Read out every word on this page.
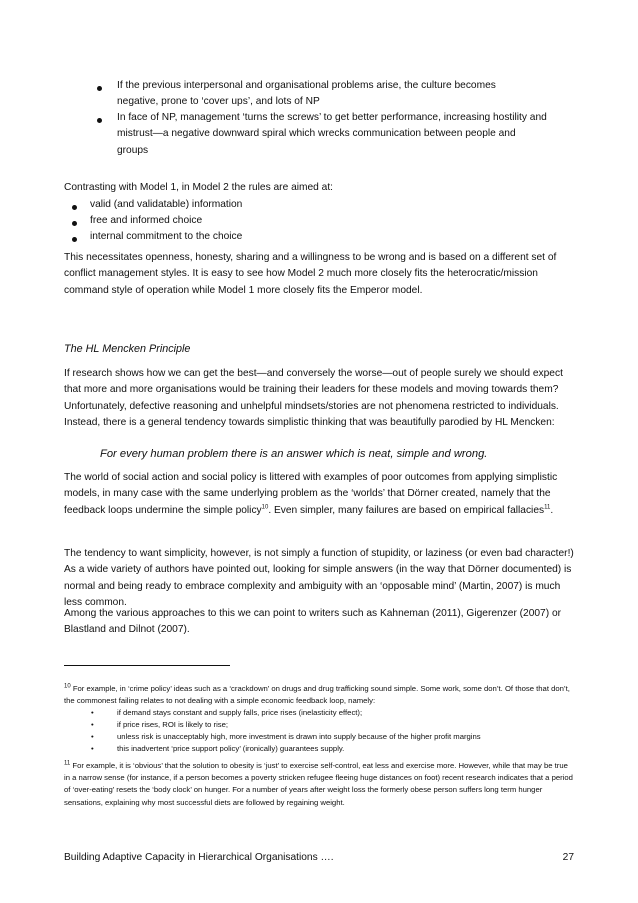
If the previous interpersonal and organisational problems arise, the culture becomes negative, prone to ‘cover ups’, and lots of NP
In face of NP, management ‘turns the screws’ to get better performance, increasing hostility and mistrust—a negative downward spiral which wrecks communication between people and groups
Contrasting with Model 1, in Model 2 the rules are aimed at:
valid (and validatable) information
free and informed choice
internal commitment to the choice
This necessitates openness, honesty, sharing and a willingness to be wrong and is based on a different set of conflict management styles. It is easy to see how Model 2 much more closely fits the heterocratic/mission command style of operation while Model 1 more closely fits the Emperor model.
The HL Mencken Principle
If research shows how we can get the best—and conversely the worse—out of people surely we should expect that more and more organisations would be training their leaders for these models and moving towards them? Unfortunately, defective reasoning and unhelpful mindsets/stories are not phenomena restricted to individuals. Instead, there is a general tendency towards simplistic thinking that was beautifully parodied by HL Mencken:
For every human problem there is an answer which is neat, simple and wrong.
The world of social action and social policy is littered with examples of poor outcomes from applying simplistic models, in many case with the same underlying problem as the ‘worlds’ that Dörner created, namely that the feedback loops undermine the simple policy$^{10}$. Even simpler, many failures are based on empirical fallacies$^{11}$.
The tendency to want simplicity, however, is not simply a function of stupidity, or laziness (or even bad character!) As a wide variety of authors have pointed out, looking for simple answers (in the way that Dörner documented) is normal and being ready to embrace complexity and ambiguity with an ‘opposable mind’ (Martin, 2007) is much less common.
Among the various approaches to this we can point to writers such as Kahneman (2011), Gigerenzer (2007) or Blastland and Dilnot (2007).
$^{10}$ For example, in ‘crime policy’ ideas such as a ‘crackdown’ on drugs and drug trafficking sound simple. Some work, some don’t. Of those that don’t, the commonest failing relates to not dealing with a simple economic feedback loop, namely:
•	if demand stays constant and supply falls, price rises (inelasticity effect);
•	if price rises, ROI is likely to rise;
•	unless risk is unacceptably high, more investment is drawn into supply because of the higher profit margins
•	this inadvertent ‘price support policy’ (ironically) guarantees supply.
$^{11}$ For example, it is ‘obvious’ that the solution to obesity is ‘just’ to exercise self-control, eat less and exercise more. However, while that may be true in a narrow sense (for instance, if a person becomes a poverty stricken refugee fleeing huge distances on foot) recent research indicates that a period of ‘over-eating’ resets the ‘body clock’ on hunger. For a number of years after weight loss the formerly obese person suffers long term hunger sensations, explaining why most successful diets are followed by regaining weight.
Building Adaptive Capacity in Hierarchical Organisations ….	27
